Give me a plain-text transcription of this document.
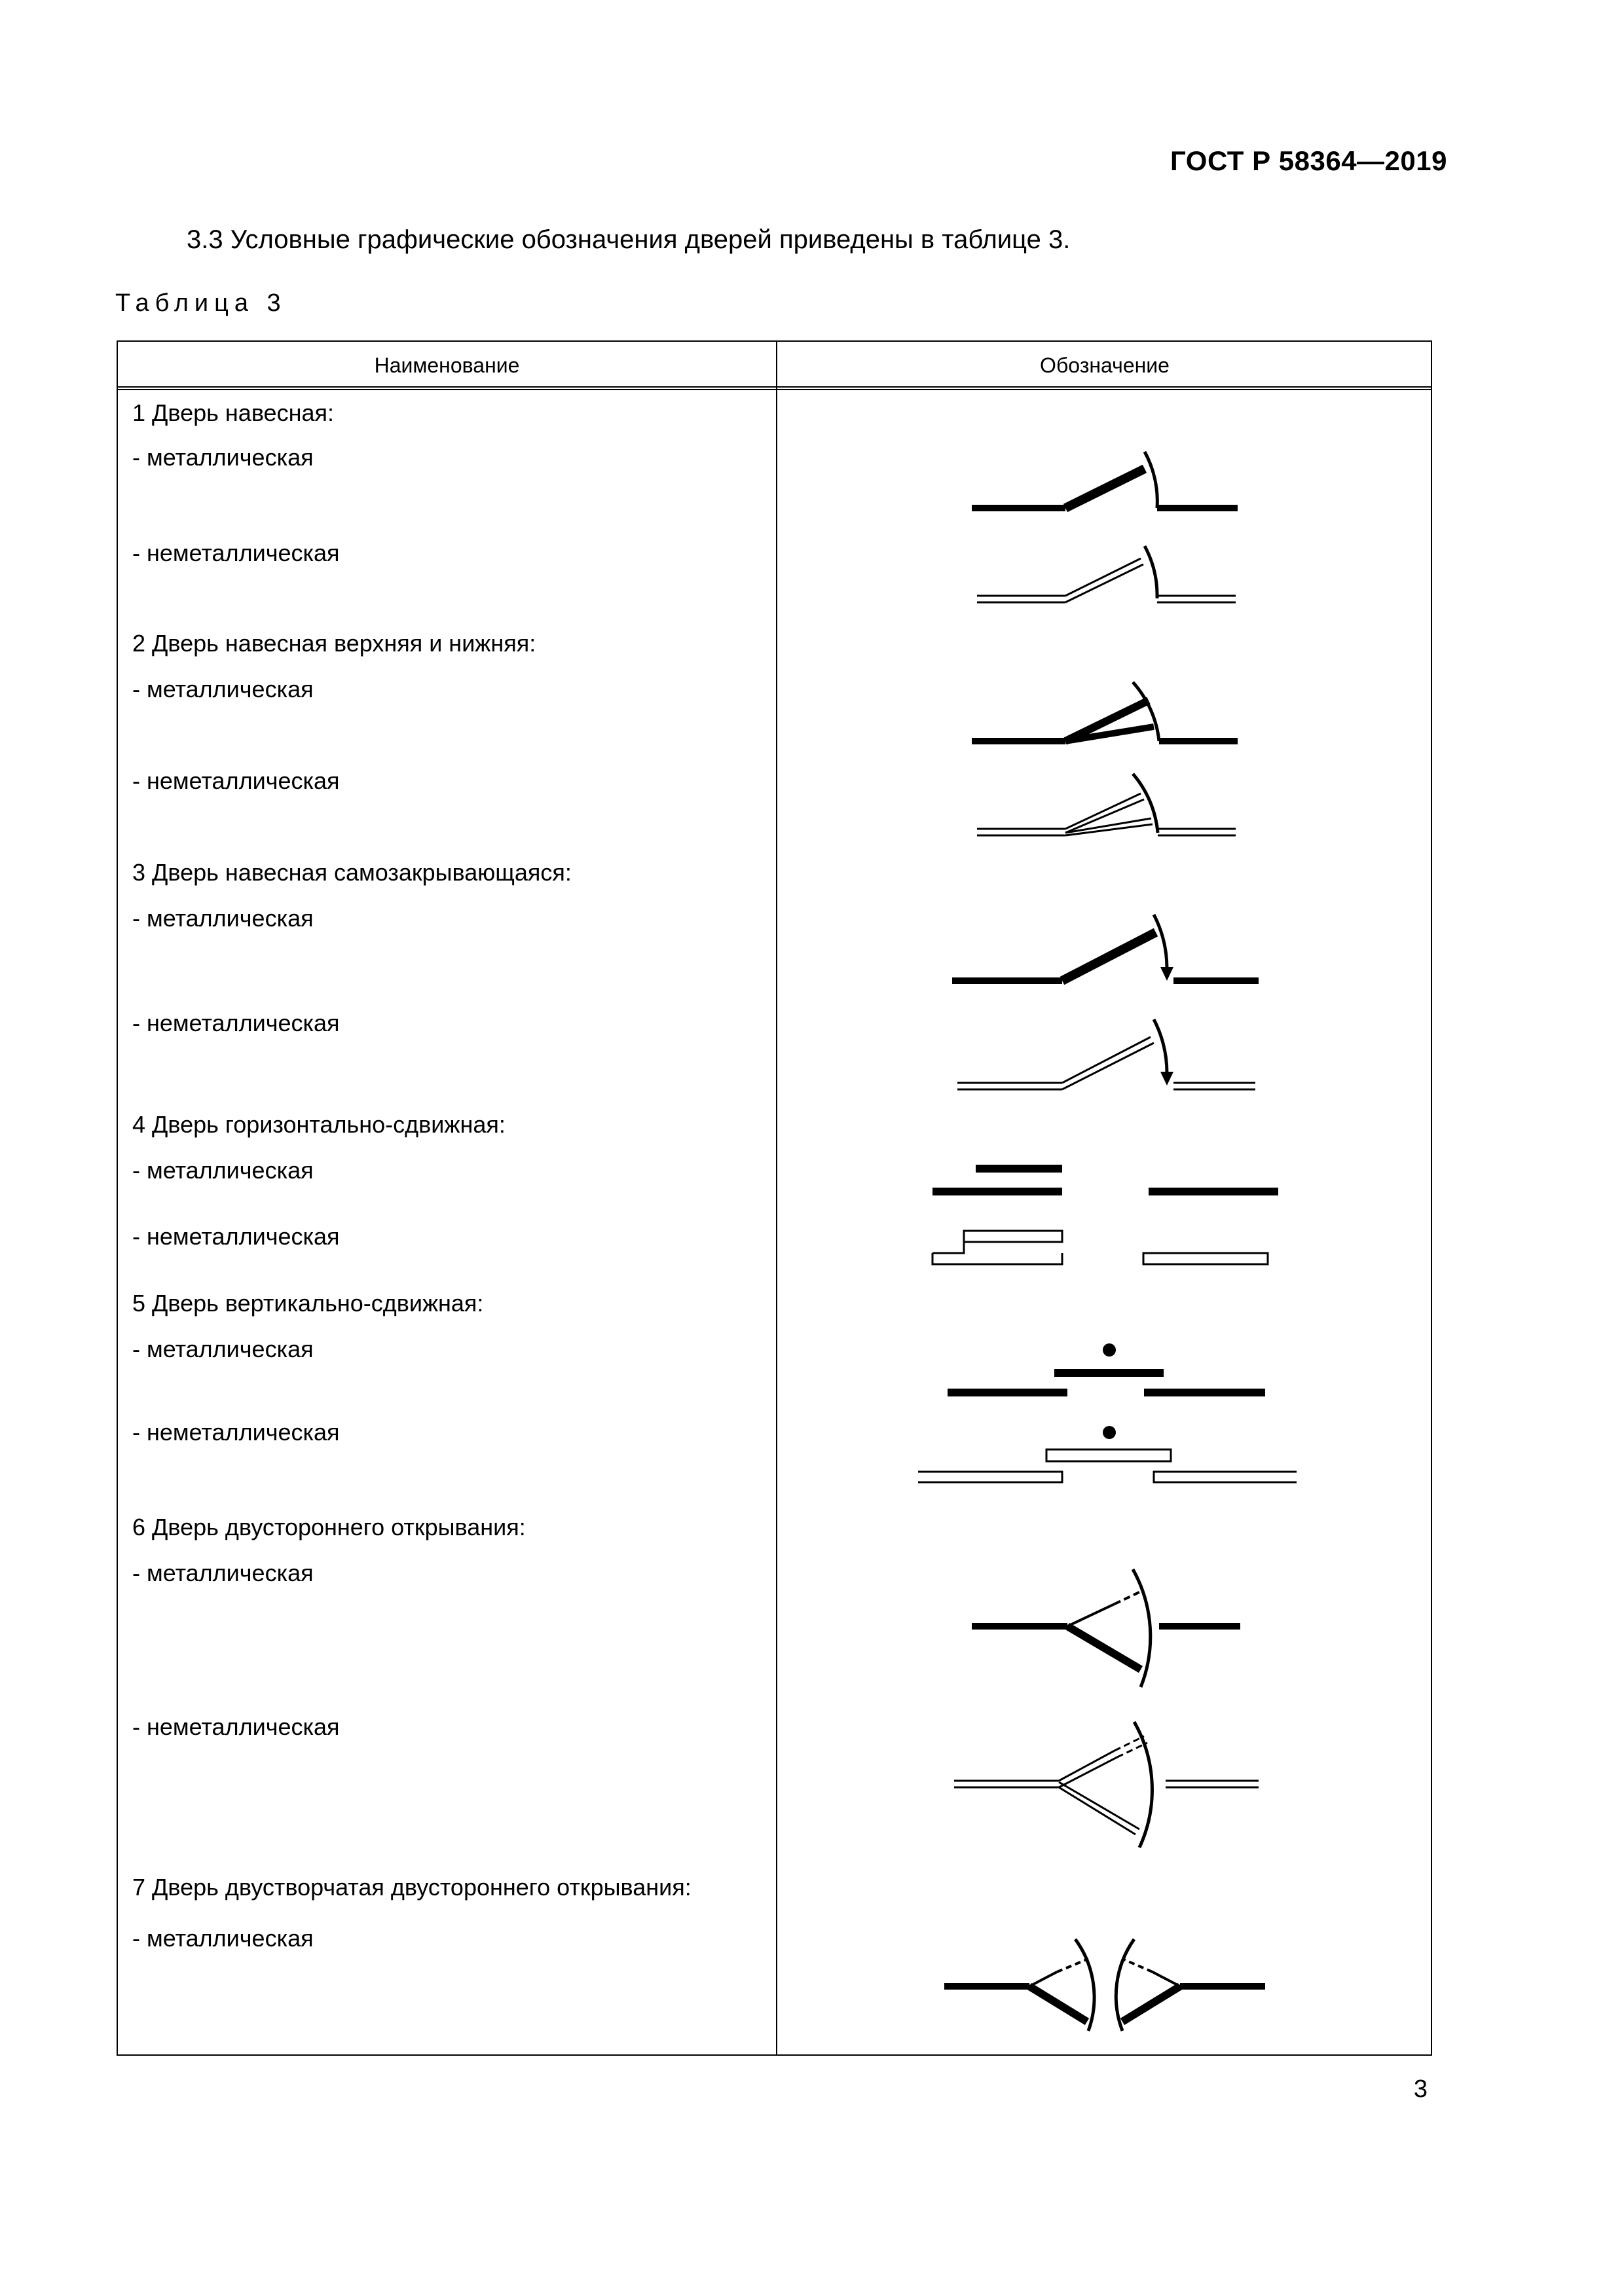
ГОСТ Р 58364—2019
3.3 Условные графические обозначения дверей приведены в таблице 3.
Таблица 3
Наименование	Обозначение
1 Дверь навесная:
- металлическая
- неметаллическая
2 Дверь навесная верхняя и нижняя:
- металлическая
- неметаллическая
3 Дверь навесная самозакрывающаяся:
- металлическая
- неметаллическая
4 Дверь горизонтально-сдвижная:
- металлическая
- неметаллическая
5 Дверь вертикально-сдвижная:
- металлическая
- неметаллическая
6 Дверь двустороннего открывания:
- металлическая
- неметаллическая
7 Дверь двустворчатая двустороннего открывания:
- металлическая
3
